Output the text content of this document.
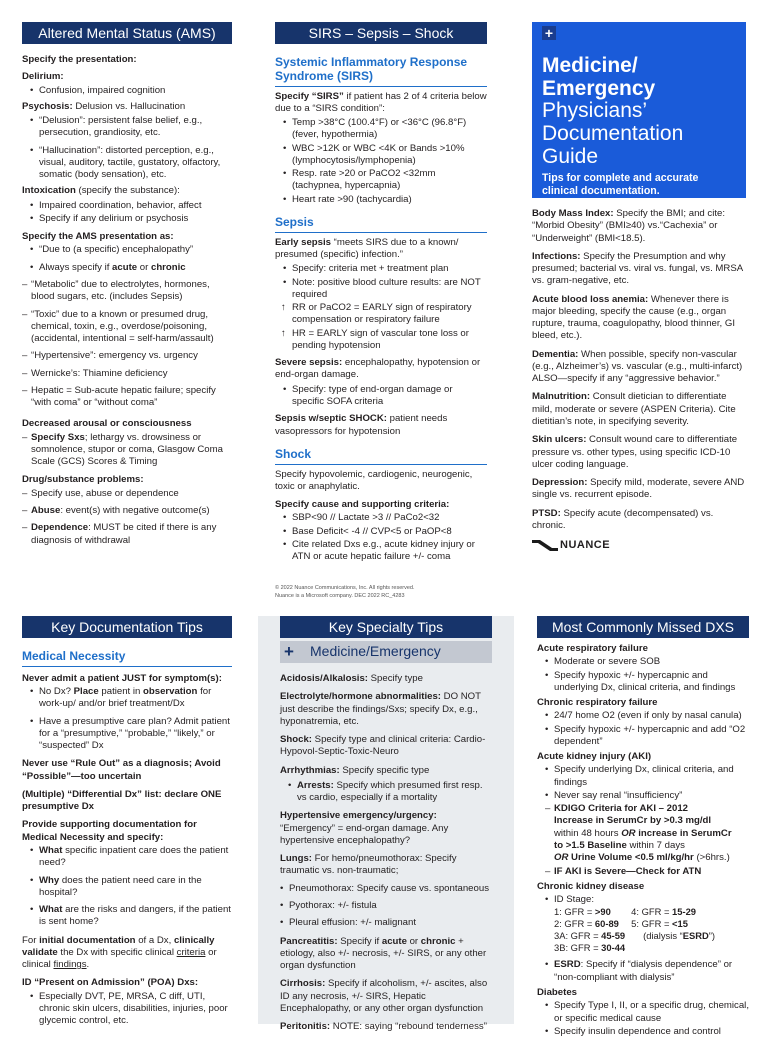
Altered Mental Status (AMS)
Specify the presentation:
Delirium:
• Confusion, impaired cognition
Psychosis: Delusion vs. Hallucination
• “Delusion”: persistent false belief, e.g., persecution, grandiosity, etc.
• “Hallucination”: distorted perception, e.g., visual, auditory, tactile, gustatory, olfactory, somatic (body sensation), etc.
Intoxication (specify the substance):
• Impaired coordination, behavior, affect
• Specify if any delirium or psychosis
Specify the AMS presentation as:
• “Due to (a specific) encephalopathy”
• Always specify if acute or chronic
– “Metabolic” due to electrolytes, hormones, blood sugars, etc. (includes Sepsis)
– “Toxic” due to a known or presumed drug, chemical, toxin, e.g., overdose/poisoning, (accidental, intentional = self-harm/assault)
– “Hypertensive”: emergency vs. urgency
– Wernicke’s: Thiamine deficiency
– Hepatic = Sub-acute hepatic failure; specify “with coma” or “without coma”
Decreased arousal or consciousness
– Specify Sxs; lethargy vs. drowsiness or somnolence, stupor or coma, Glasgow Coma Scale (GCS) Scores & Timing
Drug/substance problems:
– Specify use, abuse or dependence
– Abuse: event(s) with negative outcome(s)
– Dependence: MUST be cited if there is any diagnosis of withdrawal
SIRS – Sepsis – Shock
Systemic Inflammatory Response Syndrome (SIRS)
Specify “SIRS” if patient has 2 of 4 criteria below due to a “SIRS condition”:
• Temp >38°C (100.4°F) or <36°C (96.8°F) (fever, hypothermia)
• WBC >12K or WBC <4K or Bands >10% (lymphocytosis/lymphopenia)
• Resp. rate >20 or PaCO2 <32mm (tachypnea, hypercapnia)
• Heart rate >90 (tachycardia)
Sepsis
Early sepsis “meets SIRS due to a known/ presumed (specific) infection.”
• Specify: criteria met + treatment plan
• Note: positive blood culture results: are NOT required
↑ RR or PaCO2 = EARLY sign of respiratory compensation or respiratory failure
↑ HR = EARLY sign of vascular tone loss or pending hypotension
Severe sepsis: encephalopathy, hypotension or end-organ damage.
• Specify: type of end-organ damage or specific SOFA criteria
Sepsis w/septic SHOCK: patient needs vasopressors for hypotension
Shock
Specify hypovolemic, cardiogenic, neurogenic, toxic or anaphylatic.
Specify cause and supporting criteria:
• SBP<90 // Lactate >3 // PaCo2<32
• Base Deficit< -4 // CVP<5 or PaOP<8
• Cite related Dxs e.g., acute kidney injury or ATN or acute hepatic failure +/- coma
© 2022 Nuance Communications, Inc. All rights reserved.
Nuance is a Microsoft company. DEC 2022 RC_4283
+
Medicine/
Emergency
Physicians’
Documentation
Guide
Tips for complete and accurate clinical documentation.
Body Mass Index: Specify the BMI; and cite: “Morbid Obesity” (BMI≥40) vs.“Cachexia” or “Underweight” (BMI<18.5).
Infections: Specify the Presumption and why presumed; bacterial vs. viral vs. fungal, vs. MRSA vs. gram-negative, etc.
Acute blood loss anemia: Whenever there is major bleeding, specify the cause (e.g., organ rupture, trauma, coagulopathy, blood thinner, GI bleed, etc.).
Dementia: When possible, specify non-vascular (e.g., Alzheimer’s) vs. vascular (e.g., multi-infarct) ALSO—specify if any “aggressive behavior.”
Malnutrition: Consult dietician to differentiate mild, moderate or severe (ASPEN Criteria). Cite dietitian’s note, in specifying severity.
Skin ulcers: Consult wound care to differentiate pressure vs. other types, using specific ICD-10 ulcer coding language.
Depression: Specify mild, moderate, severe AND single vs. recurrent episode.
PTSD: Specify acute (decompensated) vs. chronic.
NUANCE
Key Documentation Tips
Medical Necessity
Never admit a patient JUST for symptom(s):
• No Dx? Place patient in observation for work-up/ and/or brief treatment/Dx
• Have a presumptive care plan? Admit patient for a “presumptive,” “probable,” “likely,” or “suspected” Dx
Never use “Rule Out” as a diagnosis; Avoid “Possible”—too uncertain
(Multiple) “Differential Dx” list: declare ONE presumptive Dx
Provide supporting documentation for Medical Necessity and specify:
• What specific inpatient care does the patient need?
• Why does the patient need care in the hospital?
• What are the risks and dangers, if the patient is sent home?
For initial documentation of a Dx, clinically validate the Dx with specific clinical criteria or clinical findings.
ID “Present on Admission” (POA) Dxs:
• Especially DVT, PE, MRSA, C diff, UTI, chronic skin ulcers, disabilities, injuries, poor glycemic control, etc.
Key Specialty Tips
+	Medicine/Emergency
Acidosis/Alkalosis: Specify type
Electrolyte/hormone abnormalities: DO NOT just describe the findings/Sxs; specify Dx, e.g., hyponatremia, etc.
Shock: Specify type and clinical criteria: Cardio-Hypovol-Septic-Toxic-Neuro
Arrhythmias: Specify specific type
• Arrests: Specify which presumed first resp. vs cardio, especially if a mortality
Hypertensive emergency/urgency: “Emergency” = end-organ damage. Any hypertensive encephalopathy?
Lungs: For hemo/pneumothorax: Specify traumatic vs. non-traumatic;
• Pneumothorax: Specify cause vs. spontaneous
• Pyothorax: +/- fistula
• Pleural effusion: +/- malignant
Pancreatitis: Specify if acute or chronic + etiology, also +/- necrosis, +/- SIRS, or any other organ dysfunction
Cirrhosis: Specify if alcoholism, +/- ascites, also ID any necrosis, +/- SIRS, Hepatic Encephalopathy, or any other organ dysfunction
Peritonitis: NOTE: saying “rebound tenderness”
Most Commonly Missed DXS
Acute respiratory failure
• Moderate or severe SOB
• Specify hypoxic +/- hypercapnic and underlying Dx, clinical criteria, and findings
Chronic respiratory failure
• 24/7 home O2 (even if only by nasal canula)
• Specify hypoxic +/- hypercapnic and add “O2 dependent”
Acute kidney injury (AKI)
• Specify underlying Dx, clinical criteria, and findings
• Never say renal “insufficiency”
– KDIGO Criteria for AKI – 2012
Increase in SerumCr by >0.3 mg/dl
within 48 hours OR increase in SerumCr
to >1.5 Baseline within 7 days
OR Urine Volume <0.5 ml/kg/hr (>6hrs.)
– IF AKI is Severe—Check for ATN
Chronic kidney disease
• ID Stage:
1: GFR = >90	4: GFR = 15-29
2: GFR = 60-89	5: GFR = <15
3A: GFR = 45-59	(dialysis “ESRD”)
3B: GFR = 30-44	
• ESRD: Specify if “dialysis dependence” or “non-compliant with dialysis”
Diabetes
• Specify Type I, II, or a specific drug, chemical, or specific medical cause
• Specify insulin dependence and control
